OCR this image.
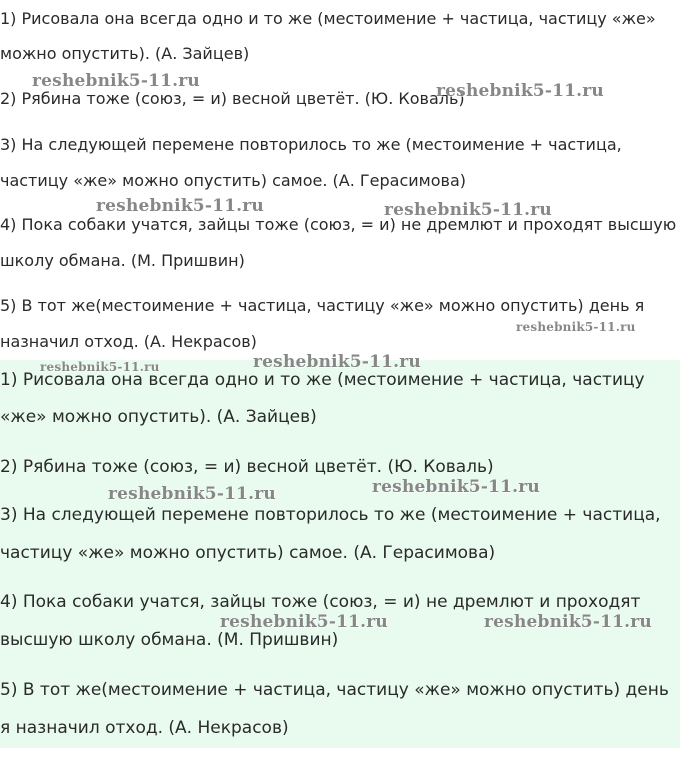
1) Рисовала она всегда одно и то же (местоимение + частица, частицу «же»
можно опустить). (А. Зайцев)
2) Рябина тоже (союз, = и) весной цветёт. (Ю. Коваль)
3) На следующей перемене повторилось то же (местоимение + частица,
частицу «же» можно опустить) самое. (А. Герасимова)
4) Пока собаки учатся, зайцы тоже (союз, = и) не дремлют и проходят высшую
школу обмана. (М. Пришвин)
5) В тот же(местоимение + частица, частицу «же» можно опустить) день я
назначил отход. (А. Некрасов)
1) Рисовала она всегда одно и то же (местоимение + частица, частицу
«же» можно опустить). (А. Зайцев)
2) Рябина тоже (союз, = и) весной цветёт. (Ю. Коваль)
3) На следующей перемене повторилось то же (местоимение + частица,
частицу «же» можно опустить) самое. (А. Герасимова)
4) Пока собаки учатся, зайцы тоже (союз, = и) не дремлют и проходят
высшую школу обмана. (М. Пришвин)
5) В тот же(местоимение + частица, частицу «же» можно опустить) день
я назначил отход. (А. Некрасов)
reshebnik5-11.ru	reshebnik5-11.ru
reshebnik5-11.ru	reshebnik5-11.ru
reshebnik5-11.ru
reshebnik5-11.ru	reshebnik5-11.ru
reshebnik5-11.ru
reshebnik5-11.ru
reshebnik5-11.ru	reshebnik5-11.ru
